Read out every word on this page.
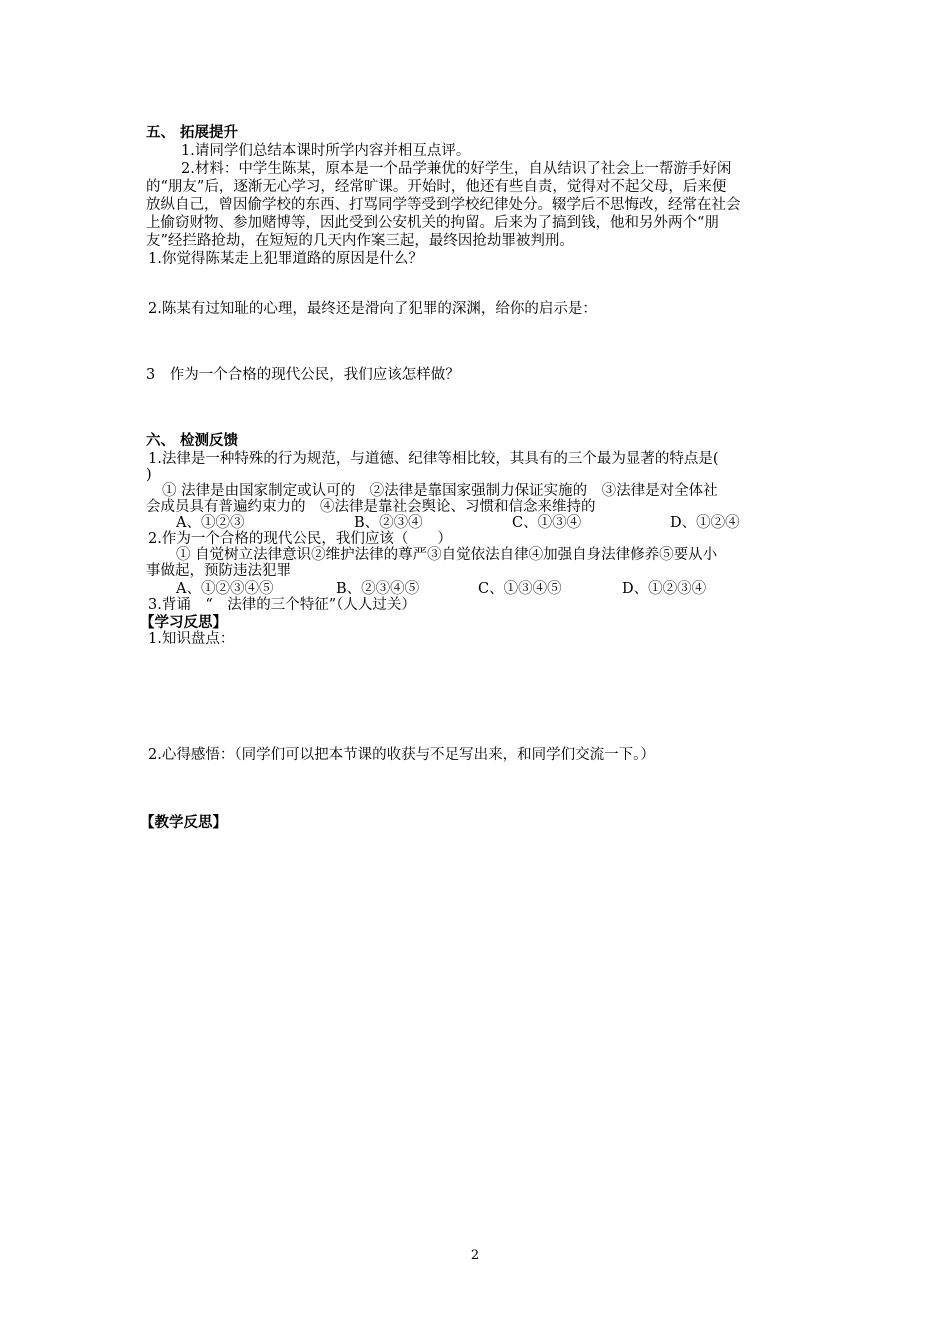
五、 拓展提升
1.请同学们总结本课时所学内容并相互点评。
2.材料：中学生陈某，原本是一个品学兼优的好学生，自从结识了社会上一帮游手好闲
的“朋友”后，逐渐无心学习，经常旷课。开始时，他还有些自责，觉得对不起父母，后来便
放纵自己，曾因偷学校的东西、打骂同学等受到学校纪律处分。辍学后不思悔改，经常在社会
上偷窃财物、参加赌博等，因此受到公安机关的拘留。后来为了搞到钱，他和另外两个“朋
友”经拦路抢劫，在短短的几天内作案三起，最终因抢劫罪被判刑。
1.你觉得陈某走上犯罪道路的原因是什么？
2.陈某有过知耻的心理，最终还是滑向了犯罪的深渊，给你的启示是：
3　作为一个合格的现代公民，我们应该怎样做？
六、 检测反馈
1.法律是一种特殊的行为规范，与道德、纪律等相比较，其具有的三个最为显著的特点是(
)
① 法律是由国家制定或认可的　②法律是靠国家强制力保证实施的　③法律是对全体社
会成员具有普遍约束力的　④法律是靠社会舆论、习惯和信念来维持的
A、①②③	B、②③④	C、①③④	D、①②④
2.作为一个合格的现代公民，我们应该（　　）
① 自觉树立法律意识②维护法律的尊严③自觉依法自律④加强自身法律修养⑤要从小
事做起，预防违法犯罪
A、①②③④⑤	B、②③④⑤	C、①③④⑤	D、①②③④
3.背诵　“　法律的三个特征”（人人过关）
【学习反思】
1.知识盘点：
2.心得感悟：（同学们可以把本节课的收获与不足写出来，和同学们交流一下。）
【教学反思】
2
